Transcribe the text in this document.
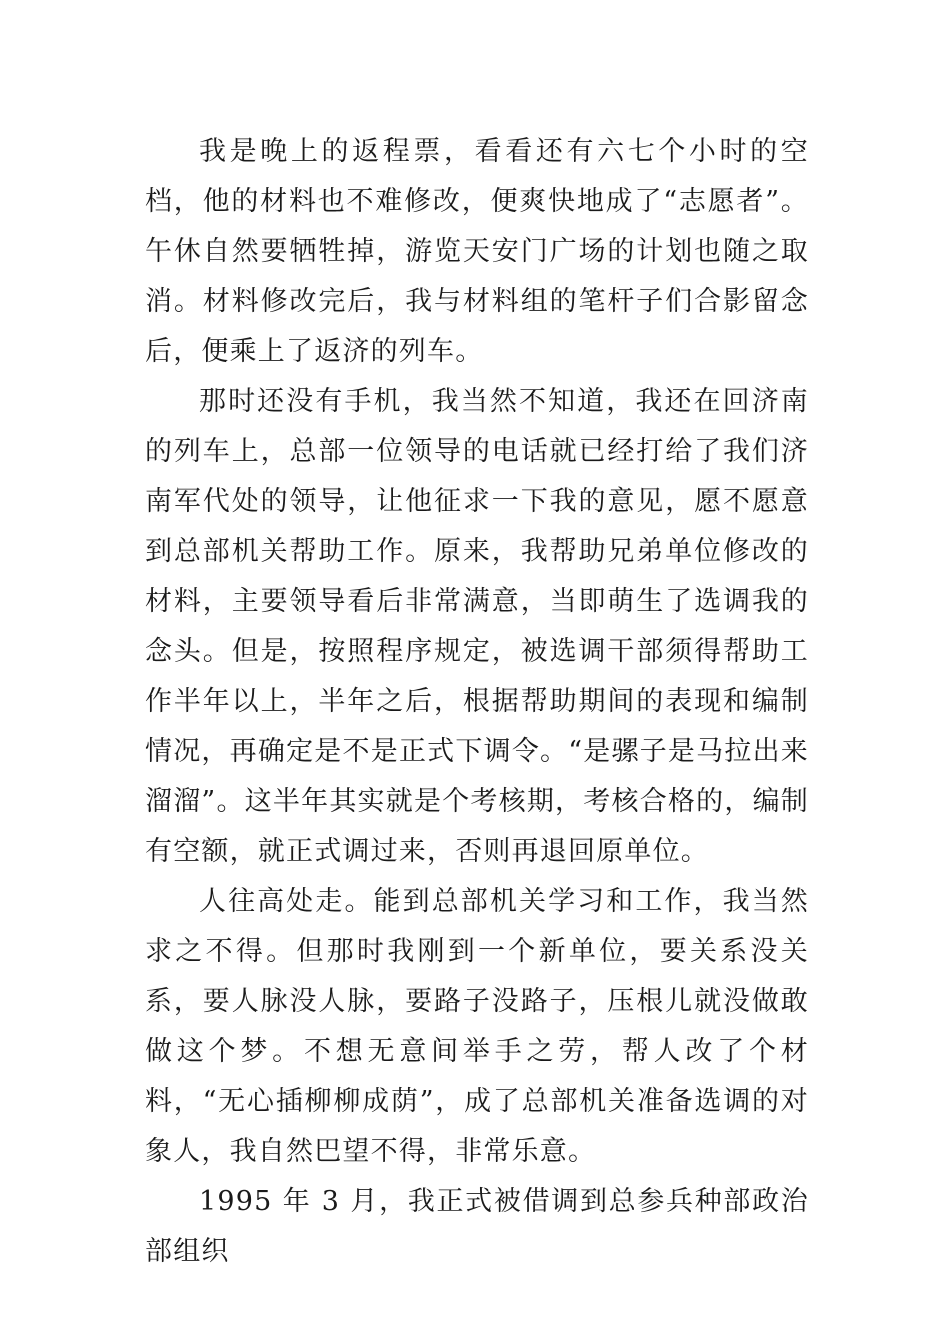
我是晚上的返程票，看看还有六七个小时的空档，他的材料也不难修改，便爽快地成了“志愿者”。午休自然要牺牲掉，游览天安门广场的计划也随之取消。材料修改完后，我与材料组的笔杆子们合影留念后，便乘上了返济的列车。

那时还没有手机，我当然不知道，我还在回济南的列车上，总部一位领导的电话就已经打给了我们济南军代处的领导，让他征求一下我的意见，愿不愿意到总部机关帮助工作。原来，我帮助兄弟单位修改的材料，主要领导看后非常满意，当即萌生了选调我的念头。但是，按照程序规定，被选调干部须得帮助工作半年以上，半年之后，根据帮助期间的表现和编制情况，再确定是不是正式下调令。“是骡子是马拉出来溜溜”。这半年其实就是个考核期，考核合格的，编制有空额，就正式调过来，否则再退回原单位。

人往高处走。能到总部机关学习和工作，我当然求之不得。但那时我刚到一个新单位，要关系没关系，要人脉没人脉，要路子没路子，压根儿就没做敢做这个梦。不想无意间举手之劳，帮人改了个材料，“无心插柳柳成荫”，成了总部机关准备选调的对象人，我自然巴望不得，非常乐意。

1995 年 3 月，我正式被借调到总参兵种部政治部组织
